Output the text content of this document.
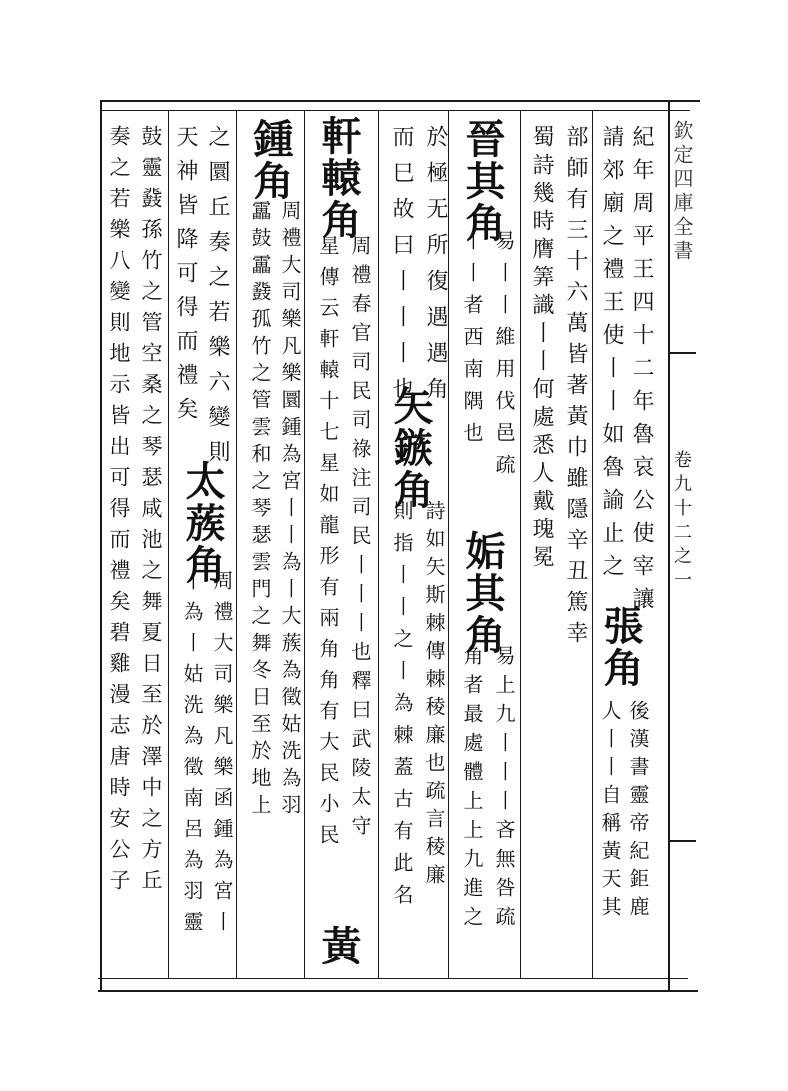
欽定四庫全書
卷九十二之一
紀年周平王四十二年魯哀公使宰讓
請郊廟之禮王使丨丨如魯諭止之
張角
後漢書靈帝紀鉅鹿
人丨丨自稱黃天其
部師有三十六萬皆著黃巾雖隱辛丑篤幸
蜀詩幾時膺筭識丨丨何處悉人戴瑰冕
晉其角
易丨丨維用伐邑疏
丨丨者西南隅也
姤其角
易上九丨丨丨吝無咎疏
於極无所復遇遇角
角者最處體上上九進之
而巳故曰丨丨丨也
矢鏃角
詩如矢斯棘傳棘稜廉也疏言稜廉
則指丨丨之丨為棘蓋古有此名
軒轅角
周禮春官司民司祿注司民丨丨丨也釋曰武陵太守
星傳云軒轅十七星如龍形有兩角角有大民小民
黃
鍾角
周禮大司樂凡樂圜鍾為宮丨丨為丨大蔟為徵姑洗為羽
靁鼓靁鼗孤竹之管雲和之琴瑟雲門之舞冬日至於地上
之圜丘奏之若樂六變則
太蔟角
周禮大司樂凡樂函鍾為宮丨
丨為丨姑洗為徵南呂為羽靈
天神皆降可得而禮矣
鼓靈鼗孫竹之管空桑之琴瑟咸池之舞夏日至於澤中之方丘
奏之若樂八變則地示皆出可得而禮矣碧雞漫志唐時安公子
